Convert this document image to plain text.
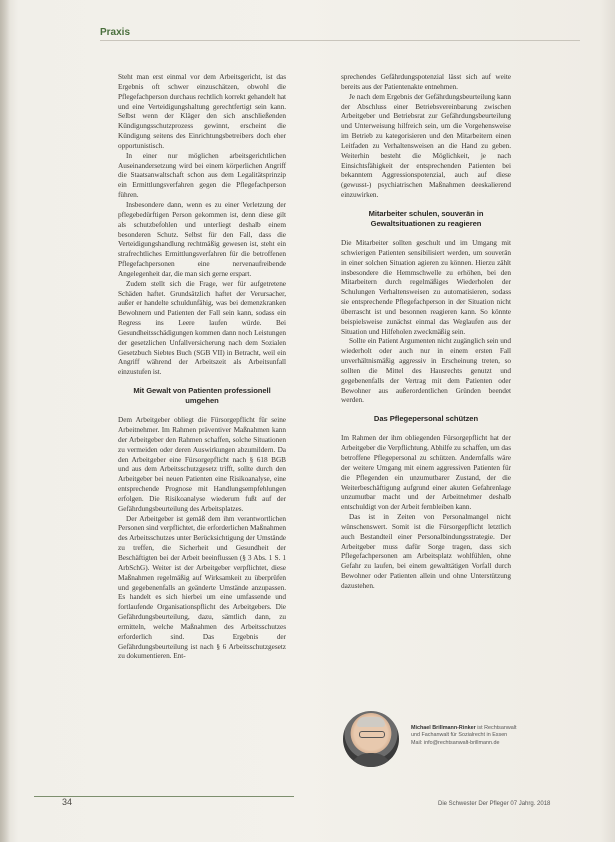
Praxis

Steht man erst einmal vor dem Arbeitsgericht, ist das Ergebnis oft schwer einzuschätzen, obwohl die Pflegefachperson durchaus rechtlich korrekt gehandelt hat und eine Verteidigungshaltung gerechtfertigt sein kann. Selbst wenn der Kläger den sich anschließenden Kündigungsschutzprozess gewinnt, erscheint die Kündigung seitens des Einrichtungsbetreibers doch eher opportunistisch.

In einer nur möglichen arbeitsgerichtlichen Auseinandersetzung wird bei einem körperlichen Angriff die Staatsanwaltschaft schon aus dem Legalitätsprinzip ein Ermittlungsverfahren gegen die Pflegefachperson führen.

Insbesondere dann, wenn es zu einer Verletzung der pflegebedürftigen Person gekommen ist, denn diese gilt als schutzbefohlen und unterliegt deshalb einem besonderen Schutz. Selbst für den Fall, dass die Verteidigungshandlung rechtmäßig gewesen ist, steht ein strafrechtliches Ermittlungsverfahren für die betroffenen Pflegefachpersonen eine nervenaufreibende Angelegenheit dar, die man sich gerne erspart.

Zudem stellt sich die Frage, wer für aufgetretene Schäden haftet. Grundsätzlich haftet der Verursacher, außer er handelte schuldunfähig, was bei demenzkranken Bewohnern und Patienten der Fall sein kann, sodass ein Regress ins Leere laufen würde. Bei Gesundheitsschädigungen kommen dann noch Leistungen der gesetzlichen Unfallversicherung nach dem Sozialen Gesetzbuch Siebtes Buch (SGB VII) in Betracht, weil ein Angriff während der Arbeitszeit als Arbeitsunfall einzustufen ist.

Mit Gewalt von Patienten professionell umgehen

Dem Arbeitgeber obliegt die Fürsorgepflicht für seine Arbeitnehmer. Im Rahmen präventiver Maßnahmen kann der Arbeitgeber den Rahmen schaffen, solche Situationen zu vermeiden oder deren Auswirkungen abzumildern. Da den Arbeitgeber eine Fürsorgepflicht nach § 618 BGB und aus dem Arbeitsschutzgesetz trifft, sollte durch den Arbeitgeber bei neuen Patienten eine Risikoanalyse, eine entsprechende Prognose mit Handlungsempfehlungen erfolgen. Die Risikoanalyse wiederum fußt auf der Gefährdungsbeurteilung des Arbeitsplatzes.

Der Arbeitgeber ist gemäß dem ihm verantwortlichen Personen sind verpflichtet, die erforderlichen Maßnahmen des Arbeitsschutzes unter Berücksichtigung der Umstände zu treffen, die Sicherheit und Gesundheit der Beschäftigten bei der Arbeit beeinflussen (§ 3 Abs. 1 S. 1 ArbSchG). Weiter ist der Arbeitgeber verpflichtet, diese Maßnahmen regelmäßig auf Wirksamkeit zu überprüfen und gegebenenfalls an geänderte Umstände anzupassen. Es handelt es sich hierbei um eine umfassende und fortlaufende Organisationspflicht des Arbeitgebers. Die Gefährdungsbeurteilung, dazu, sämtlich dann, zu ermitteln, welche Maßnahmen des Arbeitsschutzes erforderlich sind. Das Ergebnis der Gefährdungsbeurteilung ist nach § 6 Arbeitsschutzgesetz zu dokumentieren. Ent-

sprechendes Gefährdungspotenzial lässt sich auf weite bereits aus der Patientenakte entnehmen.

Je nach dem Ergebnis der Gefährdungsbeurteilung kann der Abschluss einer Betriebsvereinbarung zwischen Arbeitgeber und Betriebsrat zur Gefährdungsbeurteilung und Unterweisung hilfreich sein, um die Vorgehensweise im Betrieb zu kategorisieren und den Mitarbeitern einen Leitfaden zu Verhaltensweisen an die Hand zu geben. Weiterhin besteht die Möglichkeit, je nach Einsichtsfähigkeit der entsprechenden Patienten bei bekanntem Aggressionspotenzial, auch auf diese (gewusst-) psychiatrischen Maßnahmen deeskalierend einzuwirken.

Mitarbeiter schulen, souverän in Gewaltsituationen zu reagieren

Die Mitarbeiter sollten geschult und im Umgang mit schwierigen Patienten sensibilisiert werden, um souverän in einer solchen Situation agieren zu können. Hierzu zählt insbesondere die Hemmschwelle zu erhöhen, bei den Mitarbeitern durch regelmäßiges Wiederholen der Schulungen Verhaltensweisen zu automatisieren, sodass sie entsprechende Pflegefachperson in der Situation nicht überrascht ist und besonnen reagieren kann. So könnte beispielsweise zunächst einmal das Weglaufen aus der Situation und Hilfeholen zweckmäßig sein.

Sollte ein Patient Argumenten nicht zugänglich sein und wiederholt oder auch nur in einem ersten Fall unverhältnismäßig aggressiv in Erscheinung treten, so sollten die Mittel des Hausrechts genutzt und gegebenenfalls der Vertrag mit dem Patienten oder Bewohner aus außerordentlichen Gründen beendet werden.

Das Pflegepersonal schützen

Im Rahmen der ihm obliegenden Fürsorgepflicht hat der Arbeitgeber die Verpflichtung, Abhilfe zu schaffen, um das betroffene Pflegepersonal zu schützen. Andernfalls wäre der weitere Umgang mit einem aggressiven Patienten für die Pflegenden ein unzumutbarer Zustand, der die Weiterbeschäftigung aufgrund einer akuten Gefahrenlage unzumutbar macht und der Arbeitnehmer deshalb entschuldigt von der Arbeit fernbleiben kann.

Das ist in Zeiten von Personalmangel nicht wünschenswert. Somit ist die Fürsorgepflicht letztlich auch Bestandteil einer Personalbindungsstrategie. Der Arbeitgeber muss dafür Sorge tragen, dass sich Pflegefachpersonen am Arbeitsplatz wohlfühlen, ohne Gefahr zu laufen, bei einem gewalttätigen Vorfall durch Bewohner oder Patienten allein und ohne Unterstützung dazustehen.

Michael Brillmann-Rinker ist Rechtsanwalt
und Fachanwalt für Sozialrecht in Essen
Mail: info@rechtsanwalt-brillmann.de
34	Die Schwester Der Pfleger 07 Jahrg. 2018
